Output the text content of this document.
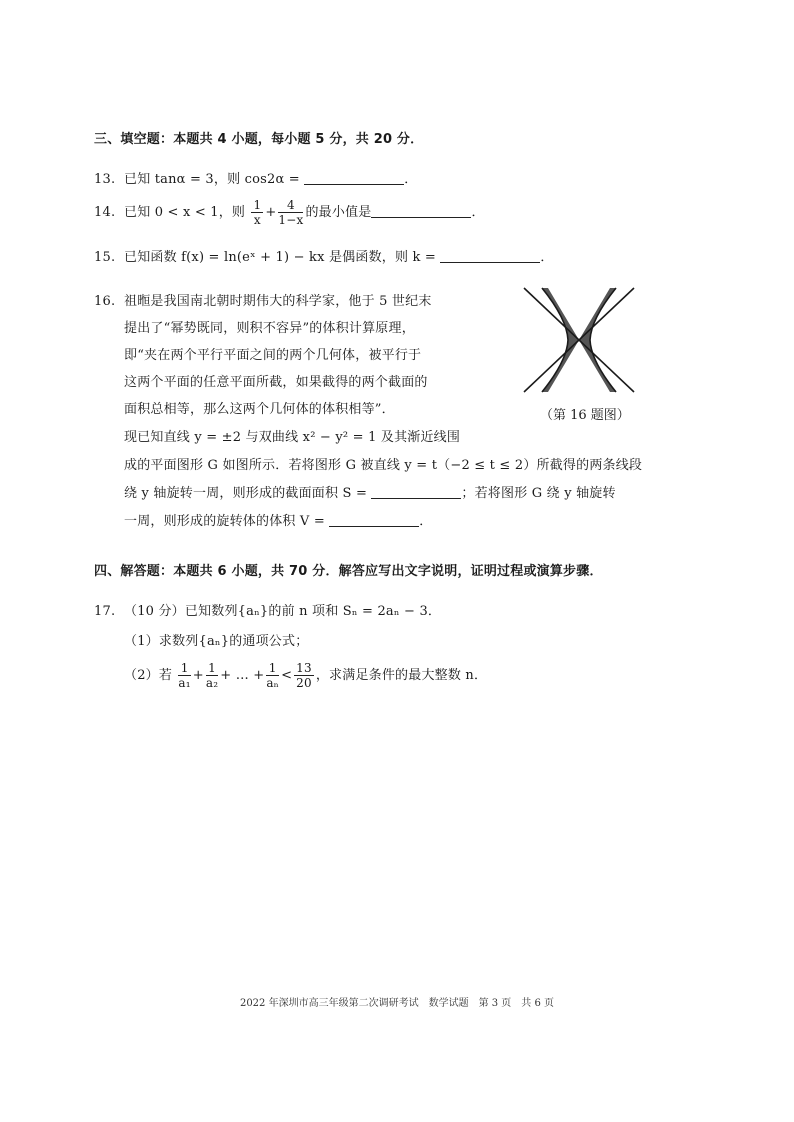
三、填空题：本题共 4 小题，每小题 5 分，共 20 分．
13. 已知 tanα = 3，则 cos2α =	．
14. 已知 0 < x < 1，则 $\frac{1}{x} + \frac{4}{1-x}$ 的最小值是	．
15. 已知函数 f(x) = ln(eˣ + 1) − kx 是偶函数，则 k =	．
16. 祖暅是我国南北朝时期伟大的科学家，他于 5 世纪末
提出了“幂势既同，则积不容异”的体积计算原理，
即“夹在两个平行平面之间的两个几何体，被平行于
这两个平面的任意平面所截，如果截得的两个截面的
面积总相等，那么这两个几何体的体积相等”．
现已知直线 y = ±2 与双曲线 x² − y² = 1 及其渐近线围
成的平面图形 G 如图所示．若将图形 G 被直线 y = t（−2 ≤ t ≤ 2）所截得的两条线段
绕 y 轴旋转一周，则形成的截面面积 S =	；若将图形 G 绕 y 轴旋转
一周，则形成的旋转体的体积 V =	．
（第 16 题图）
四、解答题：本题共 6 小题，共 70 分．解答应写出文字说明，证明过程或演算步骤．
17. （10 分）已知数列{aₙ}的前 n 项和 Sₙ = 2aₙ − 3．
（1）求数列{aₙ}的通项公式；
（2）若 $\frac{1}{\text{a₁}} + \frac{1}{\text{a₂}}$ + … + $\frac{1}{\text{aₙ}} < \frac{13}{20}$ ，求满足条件的最大整数 n．
2022 年深圳市高三年级第二次调研考试　数学试题　第 3 页　共 6 页
